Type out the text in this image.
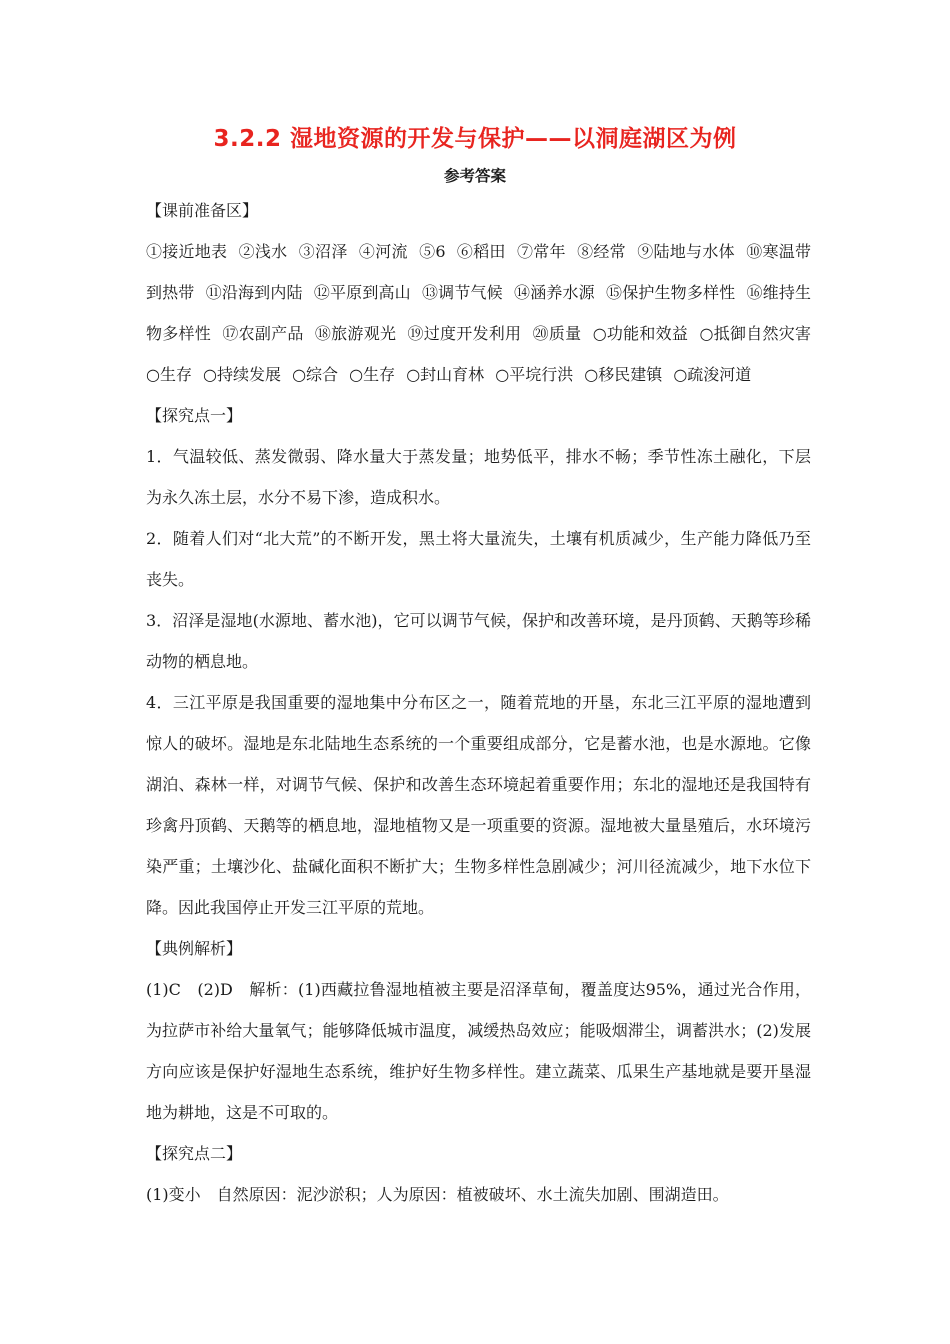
3.2.2 湿地资源的开发与保护——以洞庭湖区为例
参考答案

【课前准备区】

①接近地表 ②浅水 ③沼泽 ④河流 ⑤6 ⑥稻田 ⑦常年 ⑧经常 ⑨陆地与水体 ⑩寒温带到热带 ⑪沿海到内陆 ⑫平原到高山 ⑬调节气候 ⑭涵养水源 ⑮保护生物多样性 ⑯维持生物多样性 ⑰农副产品 ⑱旅游观光 ⑲过度开发利用 ⑳质量 ○功能和效益 ○抵御自然灾害 ○生存 ○持续发展 ○综合 ○生存 ○封山育林 ○平垸行洪 ○移民建镇 ○疏浚河道

【探究点一】

1．气温较低、蒸发微弱、降水量大于蒸发量；地势低平，排水不畅；季节性冻土融化，下层为永久冻土层，水分不易下渗，造成积水。

2．随着人们对“北大荒”的不断开发，黑土将大量流失，土壤有机质减少，生产能力降低乃至丧失。

3．沼泽是湿地(水源地、蓄水池)，它可以调节气候，保护和改善环境，是丹顶鹤、天鹅等珍稀动物的栖息地。

4．三江平原是我国重要的湿地集中分布区之一，随着荒地的开垦，东北三江平原的湿地遭到惊人的破坏。湿地是东北陆地生态系统的一个重要组成部分，它是蓄水池，也是水源地。它像湖泊、森林一样，对调节气候、保护和改善生态环境起着重要作用；东北的湿地还是我国特有珍禽丹顶鹤、天鹅等的栖息地，湿地植物又是一项重要的资源。湿地被大量垦殖后，水环境污染严重；土壤沙化、盐碱化面积不断扩大；生物多样性急剧减少；河川径流减少，地下水位下降。因此我国停止开发三江平原的荒地。

【典例解析】

(1)C　(2)D　解析：(1)西藏拉鲁湿地植被主要是沼泽草甸，覆盖度达95%，通过光合作用，为拉萨市补给大量氧气；能够降低城市温度，减缓热岛效应；能吸烟滞尘，调蓄洪水；(2)发展方向应该是保护好湿地生态系统，维护好生物多样性。建立蔬菜、瓜果生产基地就是要开垦湿地为耕地，这是不可取的。

【探究点二】

(1)变小　自然原因：泥沙淤积；人为原因：植被破坏、水土流失加剧、围湖造田。
